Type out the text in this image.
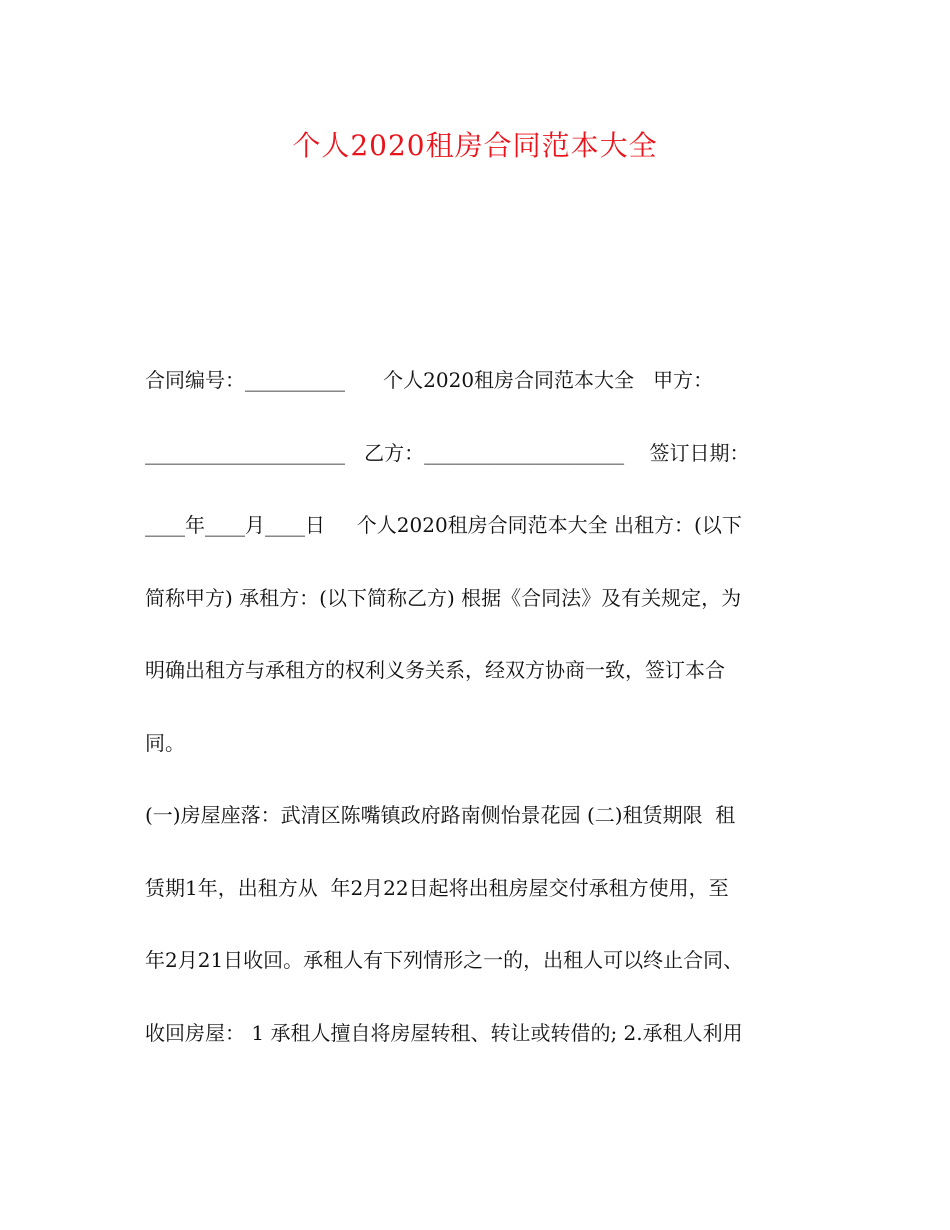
个人2020租房合同范本大全
合同编号：__________      个人2020租房合同范本大全   甲方：
____________________   乙方：____________________    签订日期：
____年____月____日     个人2020租房合同范本大全 出租方：(以下
简称甲方) 承租方：(以下简称乙方) 根据《合同法》及有关规定，为
明确出租方与承租方的权利义务关系，经双方协商一致，签订本合
同。
(一)房屋座落：武清区陈嘴镇政府路南侧怡景花园 (二)租赁期限  租
赁期1年，出租方从  年2月22日起将出租房屋交付承租方使用，至
年2月21日收回。承租人有下列情形之一的，出租人可以终止合同、
收回房屋： 1 承租人擅自将房屋转租、转让或转借的; 2.承租人利用
